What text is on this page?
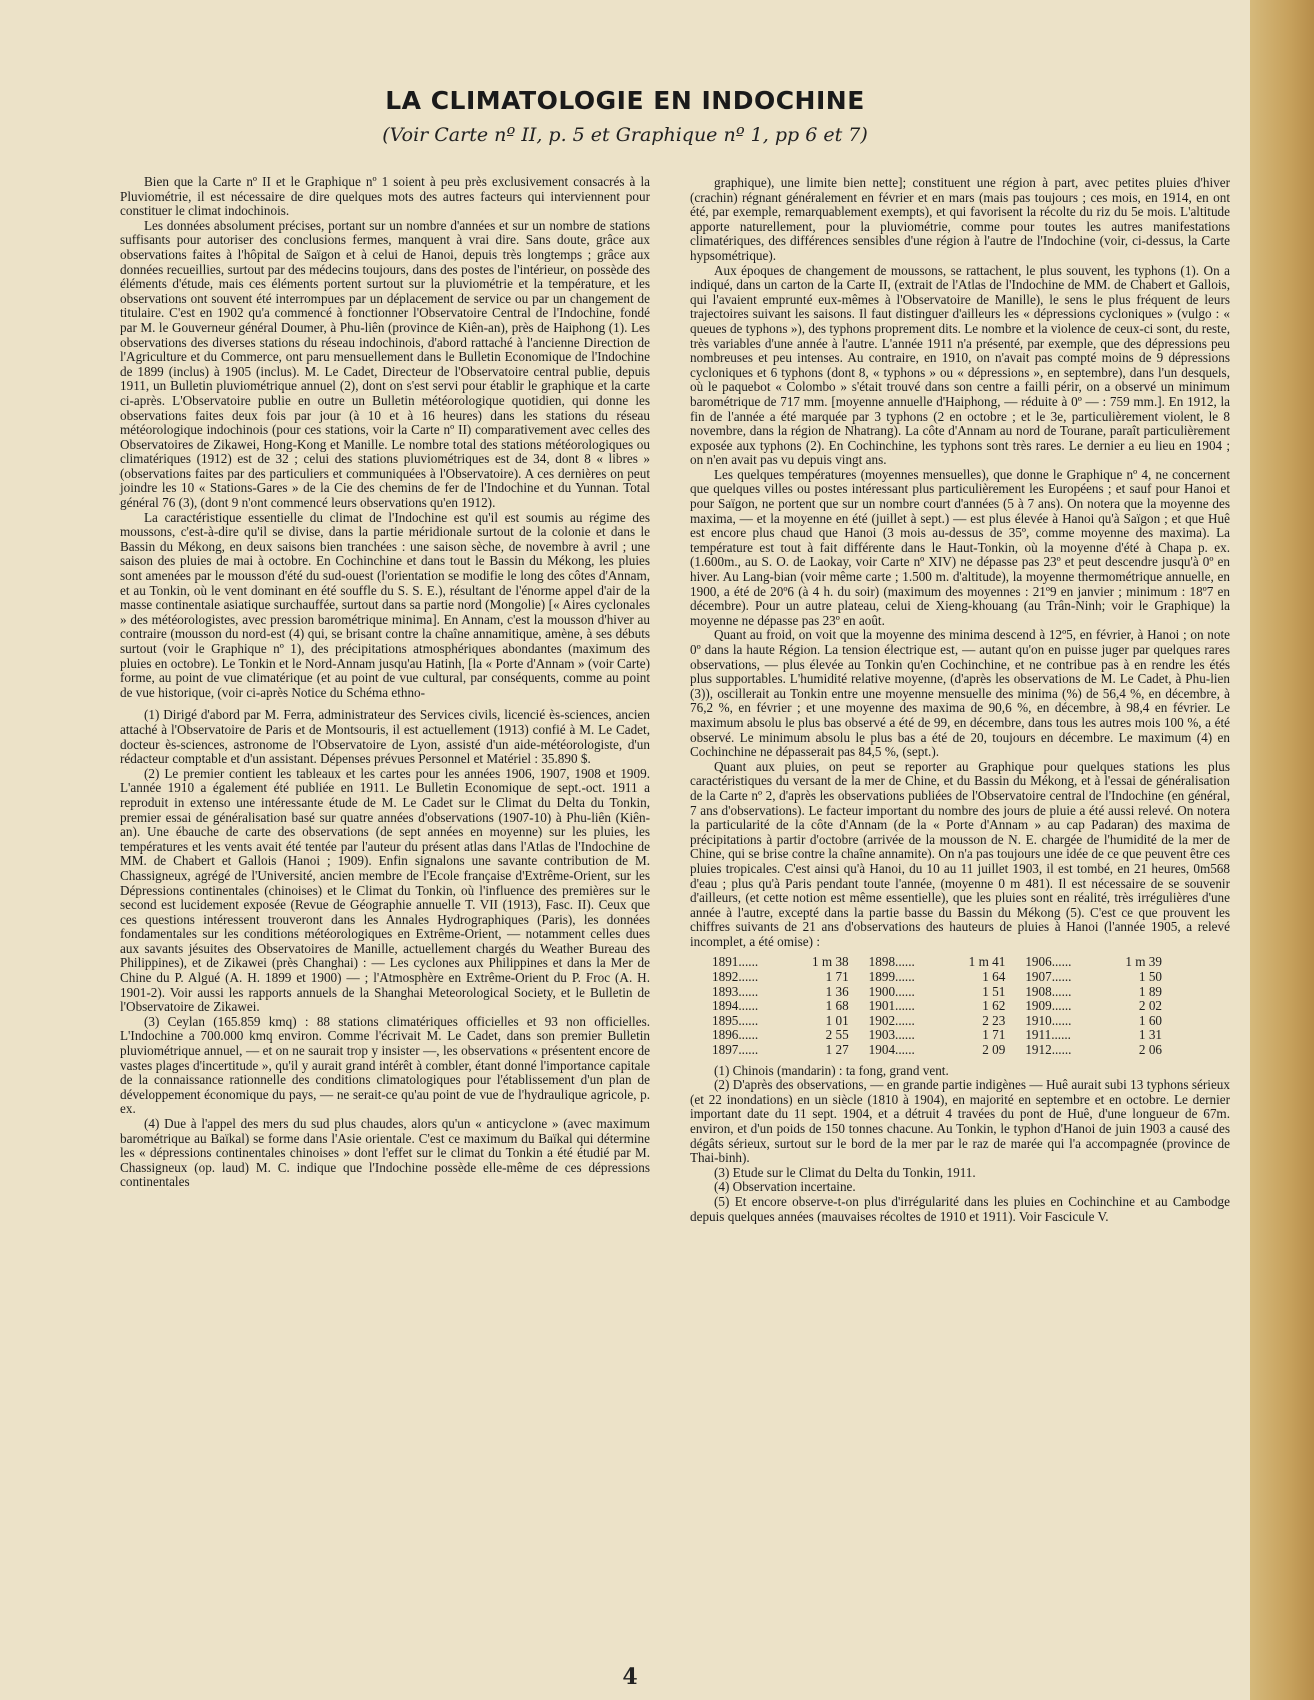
LA CLIMATOLOGIE EN INDOCHINE
(Voir Carte nº II, p. 5 et Graphique nº 1, pp 6 et 7)

Bien que la Carte nº II et le Graphique nº 1 soient à peu près exclusivement consacrés à la Pluviométrie, il est nécessaire de dire quelques mots des autres facteurs qui interviennent pour constituer le climat indochinois.

Les données absolument précises, portant sur un nombre d'années et sur un nombre de stations suffisants pour autoriser des conclusions fermes, manquent à vrai dire. Sans doute, grâce aux observations faites à l'hôpital de Saïgon et à celui de Hanoi, depuis très longtemps ; grâce aux données recueillies, surtout par des médecins toujours, dans des postes de l'intérieur, on possède des éléments d'étude, mais ces éléments portent surtout sur la pluviométrie et la température, et les observations ont souvent été interrompues par un déplacement de service ou par un changement de titulaire. C'est en 1902 qu'a commencé à fonctionner l'Observatoire Central de l'Indochine, fondé par M. le Gouverneur général Doumer, à Phu-liên (province de Kiên-an), près de Haiphong (1). Les observations des diverses stations du réseau indochinois, d'abord rattaché à l'ancienne Direction de l'Agriculture et du Commerce, ont paru mensuellement dans le Bulletin Economique de l'Indochine de 1899 (inclus) à 1905 (inclus). M. Le Cadet, Directeur de l'Observatoire central publie, depuis 1911, un Bulletin pluviométrique annuel (2), dont on s'est servi pour établir le graphique et la carte ci-après. L'Observatoire publie en outre un Bulletin météorologique quotidien, qui donne les observations faites deux fois par jour (à 10 et à 16 heures) dans les stations du réseau météorologique indochinois (pour ces stations, voir la Carte nº II) comparativement avec celles des Observatoires de Zikawei, Hong-Kong et Manille. Le nombre total des stations météorologiques ou climatériques (1912) est de 32 ; celui des stations pluviométriques est de 34, dont 8 « libres » (observations faites par des particuliers et communiquées à l'Observatoire). A ces dernières on peut joindre les 10 « Stations-Gares » de la Cie des chemins de fer de l'Indochine et du Yunnan. Total général 76 (3), (dont 9 n'ont commencé leurs observations qu'en 1912).

La caractéristique essentielle du climat de l'Indochine est qu'il est soumis au régime des moussons, c'est-à-dire qu'il se divise, dans la partie méridionale surtout de la colonie et dans le Bassin du Mékong, en deux saisons bien tranchées : une saison sèche, de novembre à avril ; une saison des pluies de mai à octobre. En Cochinchine et dans tout le Bassin du Mékong, les pluies sont amenées par le mousson d'été du sud-ouest (l'orientation se modifie le long des côtes d'Annam, et au Tonkin, où le vent dominant en été souffle du S. S. E.), résultant de l'énorme appel d'air de la masse continentale asiatique surchauffée, surtout dans sa partie nord (Mongolie) [« Aires cyclonales » des météorologistes, avec pression barométrique minima]. En Annam, c'est la mousson d'hiver au contraire (mousson du nord-est (4) qui, se brisant contre la chaîne annamitique, amène, à ses débuts surtout (voir le Graphique nº 1), des précipitations atmosphériques abondantes (maximum des pluies en octobre). Le Tonkin et le Nord-Annam jusqu'au Hatinh, [la « Porte d'Annam » (voir Carte) forme, au point de vue climatérique (et au point de vue cultural, par conséquents, comme au point de vue historique, (voir ci-après Notice du Schéma ethno-

(1) Dirigé d'abord par M. Ferra, administrateur des Services civils, licencié ès-sciences, ancien attaché à l'Observatoire de Paris et de Montsouris, il est actuellement (1913) confié à M. Le Cadet, docteur ès-sciences, astronome de l'Observatoire de Lyon, assisté d'un aide-météorologiste, d'un rédacteur comptable et d'un assistant. Dépenses prévues Personnel et Matériel : 35.890 $.

(2) Le premier contient les tableaux et les cartes pour les années 1906, 1907, 1908 et 1909. L'année 1910 a également été publiée en 1911. Le Bulletin Economique de sept.-oct. 1911 a reproduit in extenso une intéressante étude de M. Le Cadet sur le Climat du Delta du Tonkin, premier essai de généralisation basé sur quatre années d'observations (1907-10) à Phu-liên (Kiên-an). Une ébauche de carte des observations (de sept années en moyenne) sur les pluies, les températures et les vents avait été tentée par l'auteur du présent atlas dans l'Atlas de l'Indochine de MM. de Chabert et Gallois (Hanoi ; 1909). Enfin signalons une savante contribution de M. Chassigneux, agrégé de l'Université, ancien membre de l'Ecole française d'Extrême-Orient, sur les Dépressions continentales (chinoises) et le Climat du Tonkin, où l'influence des premières sur le second est lucidement exposée (Revue de Géographie annuelle T. VII (1913), Fasc. II). Ceux que ces questions intéressent trouveront dans les Annales Hydrographiques (Paris), les données fondamentales sur les conditions météorologiques en Extrême-Orient, — notamment celles dues aux savants jésuites des Observatoires de Manille, actuellement chargés du Weather Bureau des Philippines), et de Zikawei (près Changhai) : — Les cyclones aux Philippines et dans la Mer de Chine du P. Algué (A. H. 1899 et 1900) — ; l'Atmosphère en Extrême-Orient du P. Froc (A. H. 1901-2). Voir aussi les rapports annuels de la Shanghai Meteorological Society, et le Bulletin de l'Observatoire de Zikawei.

(3) Ceylan (165.859 kmq) : 88 stations climatériques officielles et 93 non officielles. L'Indochine a 700.000 kmq environ. Comme l'écrivait M. Le Cadet, dans son premier Bulletin pluviométrique annuel, — et on ne saurait trop y insister —, les observations « présentent encore de vastes plages d'incertitude », qu'il y aurait grand intérêt à combler, étant donné l'importance capitale de la connaissance rationnelle des conditions climatologiques pour l'établissement d'un plan de développement économique du pays, — ne serait-ce qu'au point de vue de l'hydraulique agricole, p. ex.

(4) Due à l'appel des mers du sud plus chaudes, alors qu'un « anticyclone » (avec maximum barométrique au Baïkal) se forme dans l'Asie orientale. C'est ce maximum du Baïkal qui détermine les « dépressions continentales chinoises » dont l'effet sur le climat du Tonkin a été étudié par M. Chassigneux (op. laud) M. C. indique que l'Indochine possède elle-même de ces dépressions continentales

graphique), une limite bien nette]; constituent une région à part, avec petites pluies d'hiver (crachin) régnant généralement en février et en mars (mais pas toujours ; ces mois, en 1914, en ont été, par exemple, remarquablement exempts), et qui favorisent la récolte du riz du 5e mois. L'altitude apporte naturellement, pour la pluviométrie, comme pour toutes les autres manifestations climatériques, des différences sensibles d'une région à l'autre de l'Indochine (voir, ci-dessus, la Carte hypsométrique).

Aux époques de changement de moussons, se rattachent, le plus souvent, les typhons (1). On a indiqué, dans un carton de la Carte II, (extrait de l'Atlas de l'Indochine de MM. de Chabert et Gallois, qui l'avaient emprunté eux-mêmes à l'Observatoire de Manille), le sens le plus fréquent de leurs trajectoires suivant les saisons. Il faut distinguer d'ailleurs les « dépressions cycloniques » (vulgo : « queues de typhons »), des typhons proprement dits. Le nombre et la violence de ceux-ci sont, du reste, très variables d'une année à l'autre. L'année 1911 n'a présenté, par exemple, que des dépressions peu nombreuses et peu intenses. Au contraire, en 1910, on n'avait pas compté moins de 9 dépressions cycloniques et 6 typhons (dont 8, « typhons » ou « dépressions », en septembre), dans l'un desquels, où le paquebot « Colombo » s'était trouvé dans son centre a failli périr, on a observé un minimum barométrique de 717 mm. [moyenne annuelle d'Haiphong, — réduite à 0º — : 759 mm.]. En 1912, la fin de l'année a été marquée par 3 typhons (2 en octobre ; et le 3e, particulièrement violent, le 8 novembre, dans la région de Nhatrang). La côte d'Annam au nord de Tourane, paraît particulièrement exposée aux typhons (2). En Cochinchine, les typhons sont très rares. Le dernier a eu lieu en 1904 ; on n'en avait pas vu depuis vingt ans.

Les quelques températures (moyennes mensuelles), que donne le Graphique nº 4, ne concernent que quelques villes ou postes intéressant plus particulièrement les Européens ; et sauf pour Hanoi et pour Saïgon, ne portent que sur un nombre court d'années (5 à 7 ans). On notera que la moyenne des maxima, — et la moyenne en été (juillet à sept.) — est plus élevée à Hanoi qu'à Saïgon ; et que Huê est encore plus chaud que Hanoi (3 mois au-dessus de 35º, comme moyenne des maxima). La température est tout à fait différente dans le Haut-Tonkin, où la moyenne d'été à Chapa p. ex. (1.600m., au S. O. de Laokay, voir Carte nº XIV) ne dépasse pas 23º et peut descendre jusqu'à 0º en hiver. Au Lang-bian (voir même carte ; 1.500 m. d'altitude), la moyenne thermométrique annuelle, en 1900, a été de 20º6 (à 4 h. du soir) (maximum des moyennes : 21º9 en janvier ; minimum : 18º7 en décembre). Pour un autre plateau, celui de Xieng-khouang (au Trân-Ninh; voir le Graphique) la moyenne ne dépasse pas 23º en août.

Quant au froid, on voit que la moyenne des minima descend à 12º5, en février, à Hanoi ; on note 0º dans la haute Région. La tension électrique est, — autant qu'on en puisse juger par quelques rares observations, — plus élevée au Tonkin qu'en Cochinchine, et ne contribue pas à en rendre les étés plus supportables. L'humidité relative moyenne, (d'après les observations de M. Le Cadet, à Phu-lien (3)), oscillerait au Tonkin entre une moyenne mensuelle des minima (%) de 56,4 %, en décembre, à 76,2 %, en février ; et une moyenne des maxima de 90,6 %, en décembre, à 98,4 en février. Le maximum absolu le plus bas observé a été de 99, en décembre, dans tous les autres mois 100 %, a été observé. Le minimum absolu le plus bas a été de 20, toujours en décembre. Le maximum (4) en Cochinchine ne dépasserait pas 84,5 %, (sept.).

Quant aux pluies, on peut se reporter au Graphique pour quelques stations les plus caractéristiques du versant de la mer de Chine, et du Bassin du Mékong, et à l'essai de généralisation de la Carte nº 2, d'après les observations publiées de l'Observatoire central de l'Indochine (en général, 7 ans d'observations). Le facteur important du nombre des jours de pluie a été aussi relevé. On notera la particularité de la côte d'Annam (de la « Porte d'Annam » au cap Padaran) des maxima de précipitations à partir d'octobre (arrivée de la mousson de N. E. chargée de l'humidité de la mer de Chine, qui se brise contre la chaîne annamite). On n'a pas toujours une idée de ce que peuvent être ces pluies tropicales. C'est ainsi qu'à Hanoi, du 10 au 11 juillet 1903, il est tombé, en 21 heures, 0m568 d'eau ; plus qu'à Paris pendant toute l'année, (moyenne 0 m 481). Il est nécessaire de se souvenir d'ailleurs, (et cette notion est même essentielle), que les pluies sont en réalité, très irrégulières d'une année à l'autre, excepté dans la partie basse du Bassin du Mékong (5). C'est ce que prouvent les chiffres suivants de 21 ans d'observations des hauteurs de pluies à Hanoi (l'année 1905, a relevé incomplet, a été omise) :

1891......	1 m 38	1898......	1 m 41	1906......	1 m 39
1892......	1 71	1899......	1 64	1907......	1 50
1893......	1 36	1900......	1 51	1908......	1 89
1894......	1 68	1901......	1 62	1909......	2 02
1895......	1 01	1902......	2 23	1910......	1 60
1896......	2 55	1903......	1 71	1911......	1 31
1897......	1 27	1904......	2 09	1912......	2 06

(1) Chinois (mandarin) : ta fong, grand vent.

(2) D'après des observations, — en grande partie indigènes — Huê aurait subi 13 typhons sérieux (et 22 inondations) en un siècle (1810 à 1904), en majorité en septembre et en octobre. Le dernier important date du 11 sept. 1904, et a détruit 4 travées du pont de Huê, d'une longueur de 67m. environ, et d'un poids de 150 tonnes chacune. Au Tonkin, le typhon d'Hanoi de juin 1903 a causé des dégâts sérieux, surtout sur le bord de la mer par le raz de marée qui l'a accompagnée (province de Thai-binh).

(3) Etude sur le Climat du Delta du Tonkin, 1911.

(4) Observation incertaine.

(5) Et encore observe-t-on plus d'irrégularité dans les pluies en Cochinchine et au Cambodge depuis quelques années (mauvaises récoltes de 1910 et 1911). Voir Fascicule V.

4
